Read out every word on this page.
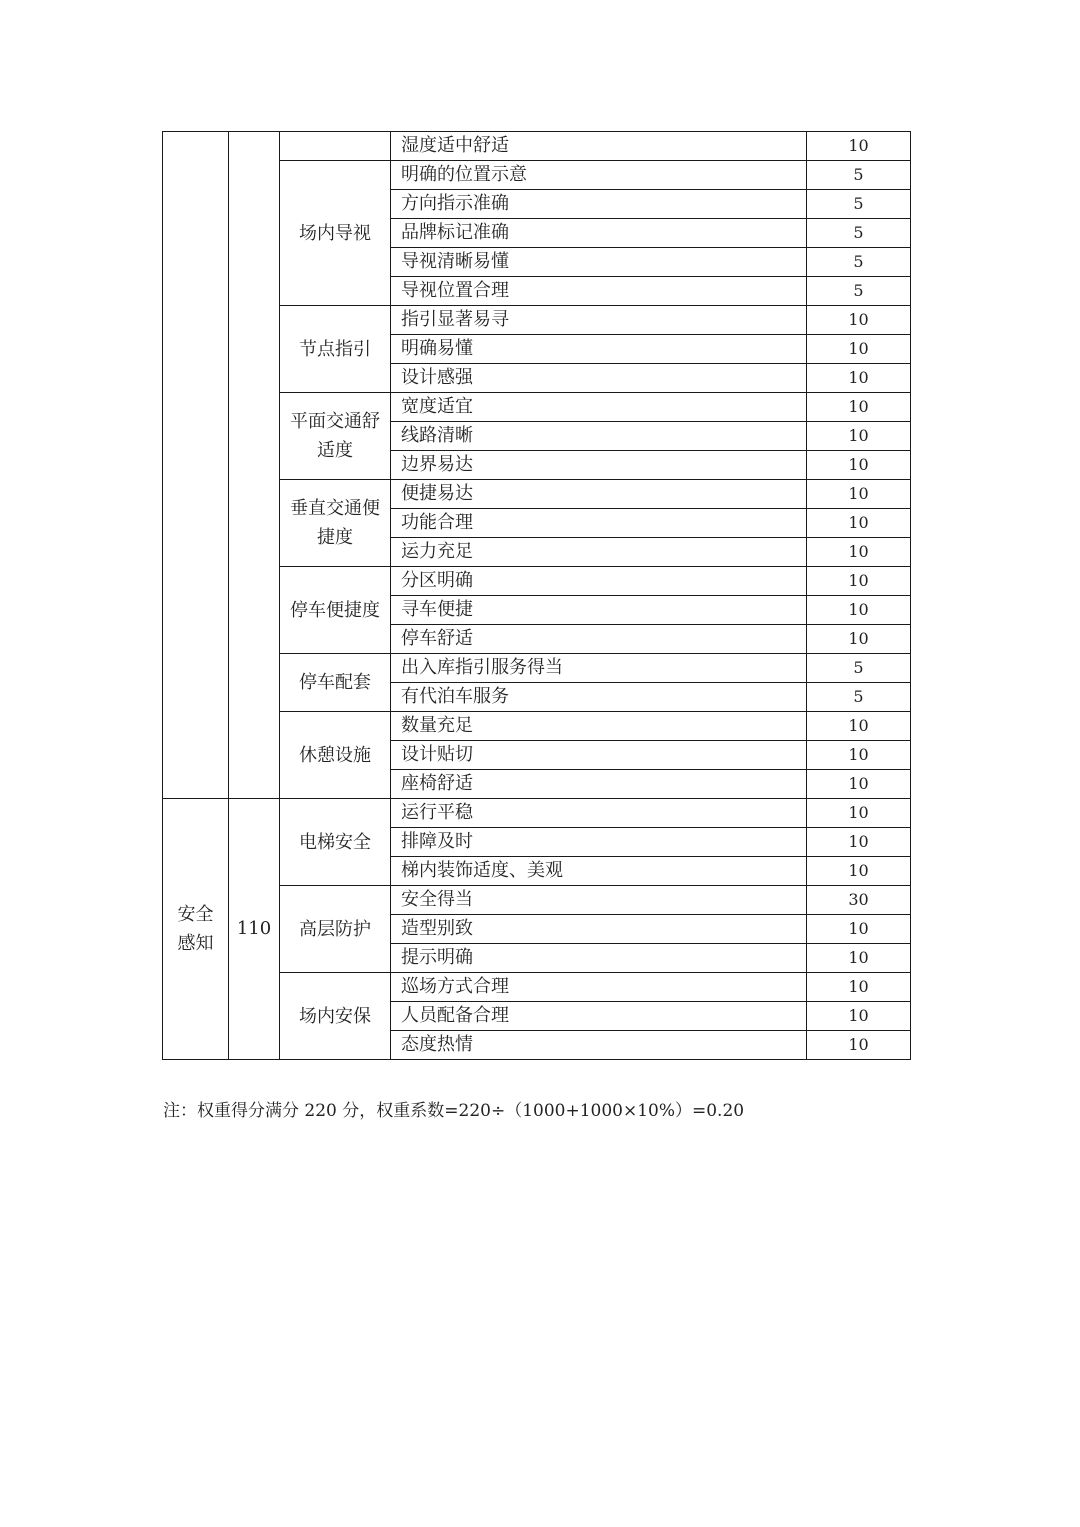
			湿度适中舒适	10
		场内导视	明确的位置示意	5
			方向指示准确	5
			品牌标记准确	5
			导视清晰易懂	5
			导视位置合理	5
		节点指引	指引显著易寻	10
			明确易懂	10
			设计感强	10
		平面交通舒适度	宽度适宜	10
			线路清晰	10
			边界易达	10
		垂直交通便捷度	便捷易达	10
			功能合理	10
			运力充足	10
		停车便捷度	分区明确	10
			寻车便捷	10
			停车舒适	10
		停车配套	出入库指引服务得当	5
			有代泊车服务	5
		休憩设施	数量充足	10
			设计贴切	10
			座椅舒适	10
安全感知	110	电梯安全	运行平稳	10
			排障及时	10
			梯内装饰适度、美观	10
		高层防护	安全得当	30
			造型别致	10
			提示明确	10
		场内安保	巡场方式合理	10
			人员配备合理	10
			态度热情	10
注：权重得分满分 220 分，权重系数=220÷（1000+1000×10%）=0.20
